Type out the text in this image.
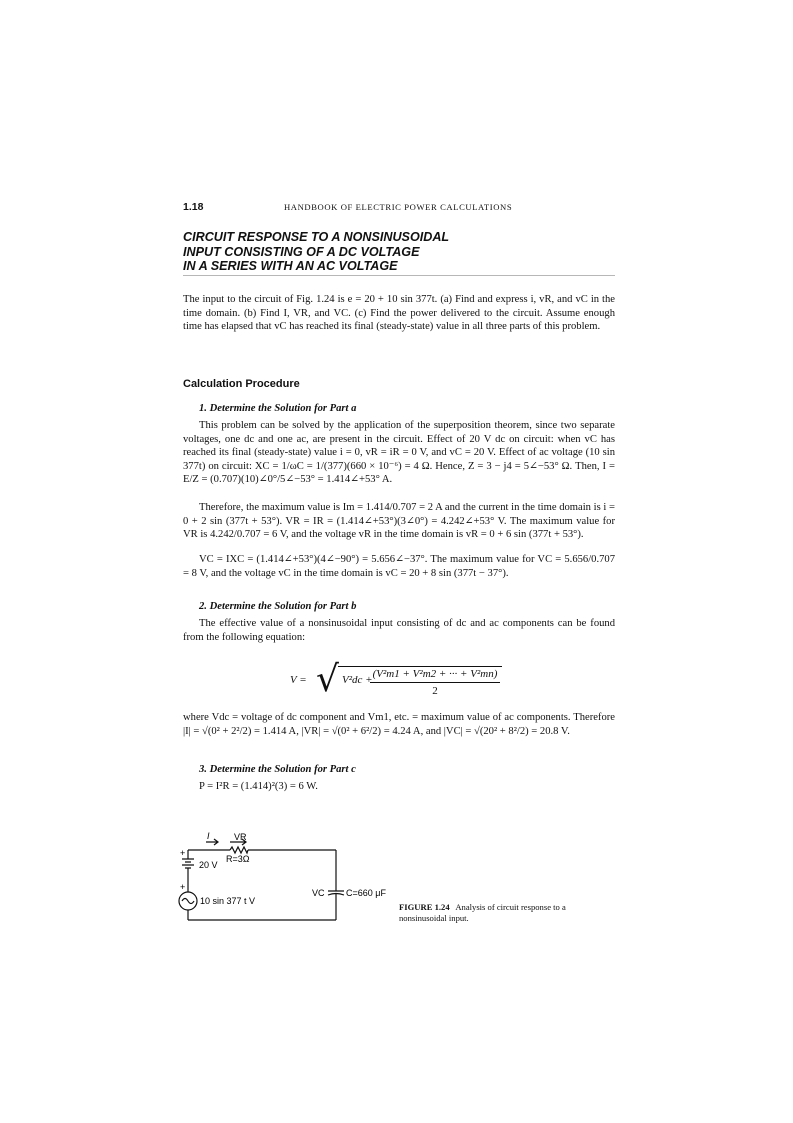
1.18	HANDBOOK OF ELECTRIC POWER CALCULATIONS
CIRCUIT RESPONSE TO A NONSINUSOIDAL
INPUT CONSISTING OF A DC VOLTAGE
IN A SERIES WITH AN AC VOLTAGE

The input to the circuit of Fig. 1.24 is e = 20 + 10 sin 377t. (a) Find and express i, vR, and vC in the time domain. (b) Find I, VR, and VC. (c) Find the power delivered to the circuit. Assume enough time has elapsed that vC has reached its final (steady-state) value in all three parts of this problem.

Calculation Procedure
1. Determine the Solution for Part a

This problem can be solved by the application of the superposition theorem, since two separate voltages, one dc and one ac, are present in the circuit. Effect of 20 V dc on circuit: when vC has reached its final (steady-state) value i = 0, vR = iR = 0 V, and vC = 20 V. Effect of ac voltage (10 sin 377t) on circuit: XC = 1/ωC = 1/(377)(660 × 10⁻⁶) = 4 Ω. Hence, Z = 3 − j4 = 5∠−53° Ω. Then, I = E/Z = (0.707)(10)∠0°/5∠−53° = 1.414∠+53° A.

Therefore, the maximum value is Im = 1.414/0.707 = 2 A and the current in the time domain is i = 0 + 2 sin (377t + 53°). VR = IR = (1.414∠+53°)(3∠0°) = 4.242∠+53° V. The maximum value for VR is 4.242/0.707 = 6 V, and the voltage vR in the time domain is vR = 0 + 6 sin (377t + 53°).

VC = IXC = (1.414∠+53°)(4∠−90°) = 5.656∠−37°. The maximum value for VC = 5.656/0.707 = 8 V, and the voltage vC in the time domain is vC = 20 + 8 sin (377t − 37°).

2. Determine the Solution for Part b

The effective value of a nonsinusoidal input consisting of dc and ac components can be found from the following equation:

V = √ V²dc + (V²m1 + V²m2 + ··· + V²mn)
2

where Vdc = voltage of dc component and Vm1, etc. = maximum value of ac components. Therefore |I| = √(0² + 2²/2) = 1.414 A, |VR| = √(0² + 6²/2) = 4.24 A, and |VC| = √(20² + 8²/2) = 20.8 V.

3. Determine the Solution for Part c

P = I²R = (1.414)²(3) = 6 W.

I	VR
R=3Ω
20 V
10 sin 377 t V
VC C=660 μF
+
+

FIGURE 1.24 Analysis of circuit response to a nonsinusoidal input.
